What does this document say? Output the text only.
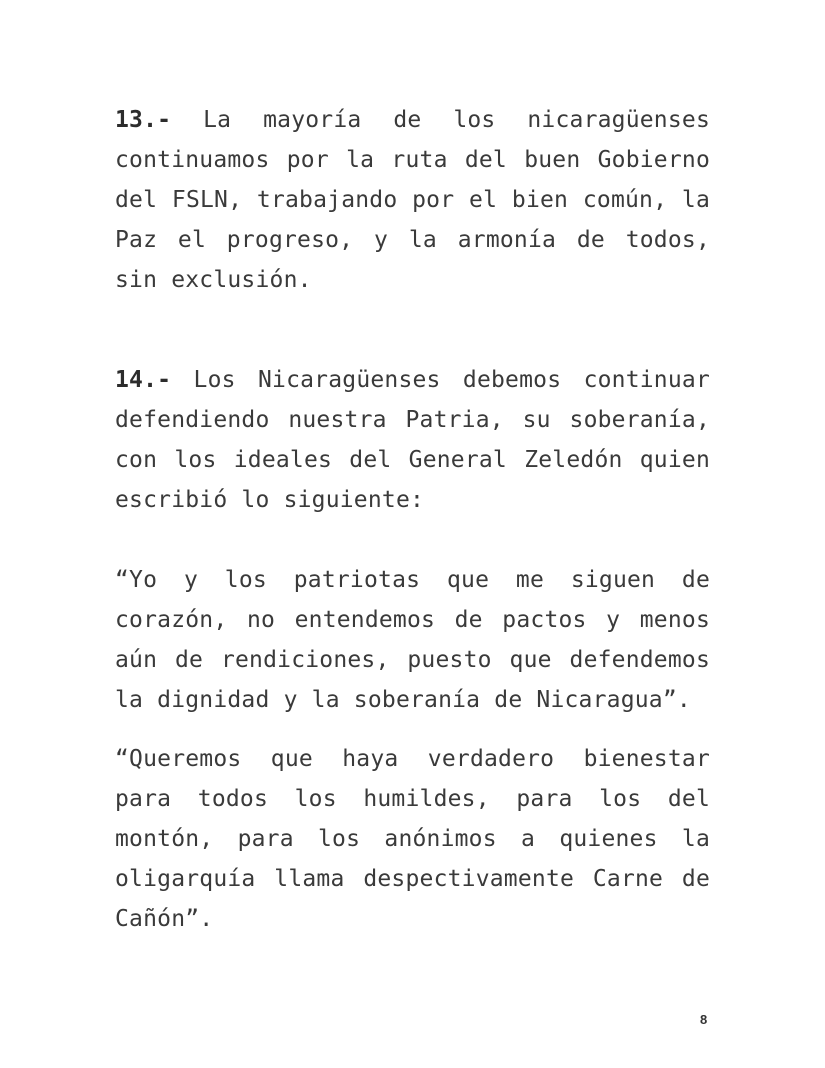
13.- La mayoría de los nicaragüenses continuamos por la ruta del buen Gobierno del FSLN, trabajando por el bien común, la Paz el progreso, y la armonía de todos, sin exclusión.

14.- Los Nicaragüenses debemos continuar defendiendo nuestra Patria, su soberanía, con los ideales del General Zeledón quien escribió lo siguiente:

“Yo y los patriotas que me siguen de corazón, no entendemos de pactos y menos aún de rendiciones, puesto que defendemos la dignidad y la soberanía de Nicaragua”.

“Queremos que haya verdadero bienestar para todos los humildes, para los del montón, para los anónimos a quienes la oligarquía llama despectivamente Carne de Cañón”.

8
